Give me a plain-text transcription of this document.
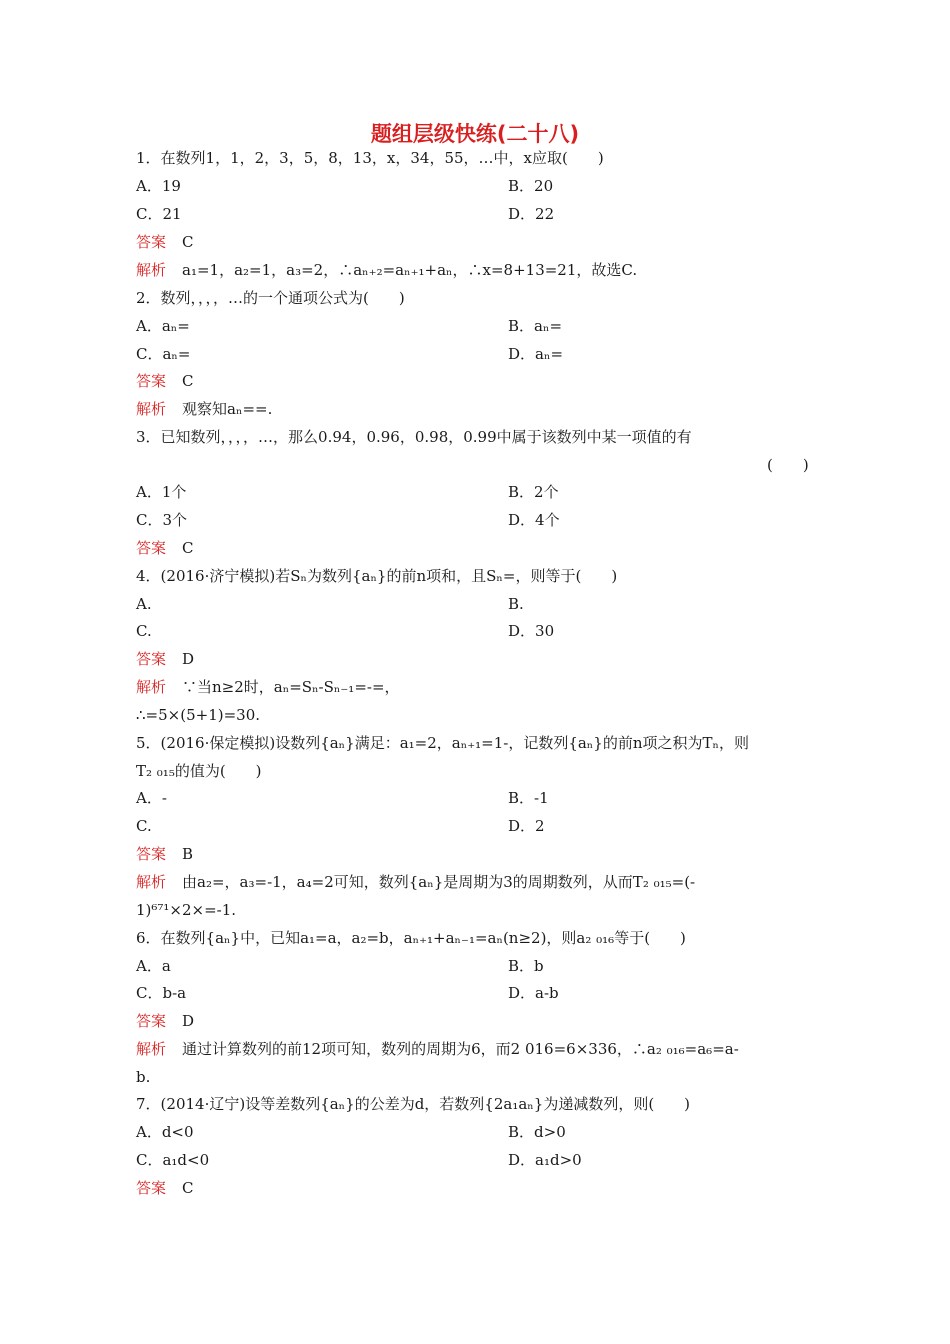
题组层级快练(二十八)
1．在数列1，1，2，3，5，8，13，x，34，55，…中，x应取(　　)
A．19	B．20
C．21	D．22
答案 C
解析 a₁=1，a₂=1，a₃=2，∴aₙ₊₂=aₙ₊₁+aₙ，∴x=8+13=21，故选C.
2．数列，，，，…的一个通项公式为(　　)
A．aₙ=	B．aₙ=
C．aₙ=	D．aₙ=
答案 C
解析 观察知aₙ==.
3．已知数列，，，，…，那么0.94，0.96，0.98，0.99中属于该数列中某一项值的有
A．1个	B．2个
C．3个	D．4个
答案 C
4．(2016·济宁模拟)若Sₙ为数列{aₙ}的前n项和，且Sₙ=，则等于(　　)
A.	B.
C.	D．30
答案 D
解析 ∵当n≥2时，aₙ=Sₙ-Sₙ₋₁=-=，
∴=5×(5+1)=30.
5．(2016·保定模拟)设数列{aₙ}满足：a₁=2，aₙ₊₁=1-，记数列{aₙ}的前n项之积为Tₙ，则
T₂ ₀₁₅的值为(　　)
A．-	B．-1
C.	D．2
答案 B
解析 由a₂=，a₃=-1，a₄=2可知，数列{aₙ}是周期为3的周期数列，从而T₂ ₀₁₅=(-
1)⁶⁷¹×2×=-1.
6．在数列{aₙ}中，已知a₁=a，a₂=b，aₙ₊₁+aₙ₋₁=aₙ(n≥2)，则a₂ ₀₁₆等于(　　)
A．a	B．b
C．b-a	D．a-b
答案 D
解析 通过计算数列的前12项可知，数列的周期为6，而2 016=6×336，∴a₂ ₀₁₆=a₆=a-
b.
7．(2014·辽宁)设等差数列{aₙ}的公差为d，若数列{2a₁aₙ}为递减数列，则(　　)
A．d<0	B．d>0
C．a₁d<0	D．a₁d>0
答案 C
(　　)
